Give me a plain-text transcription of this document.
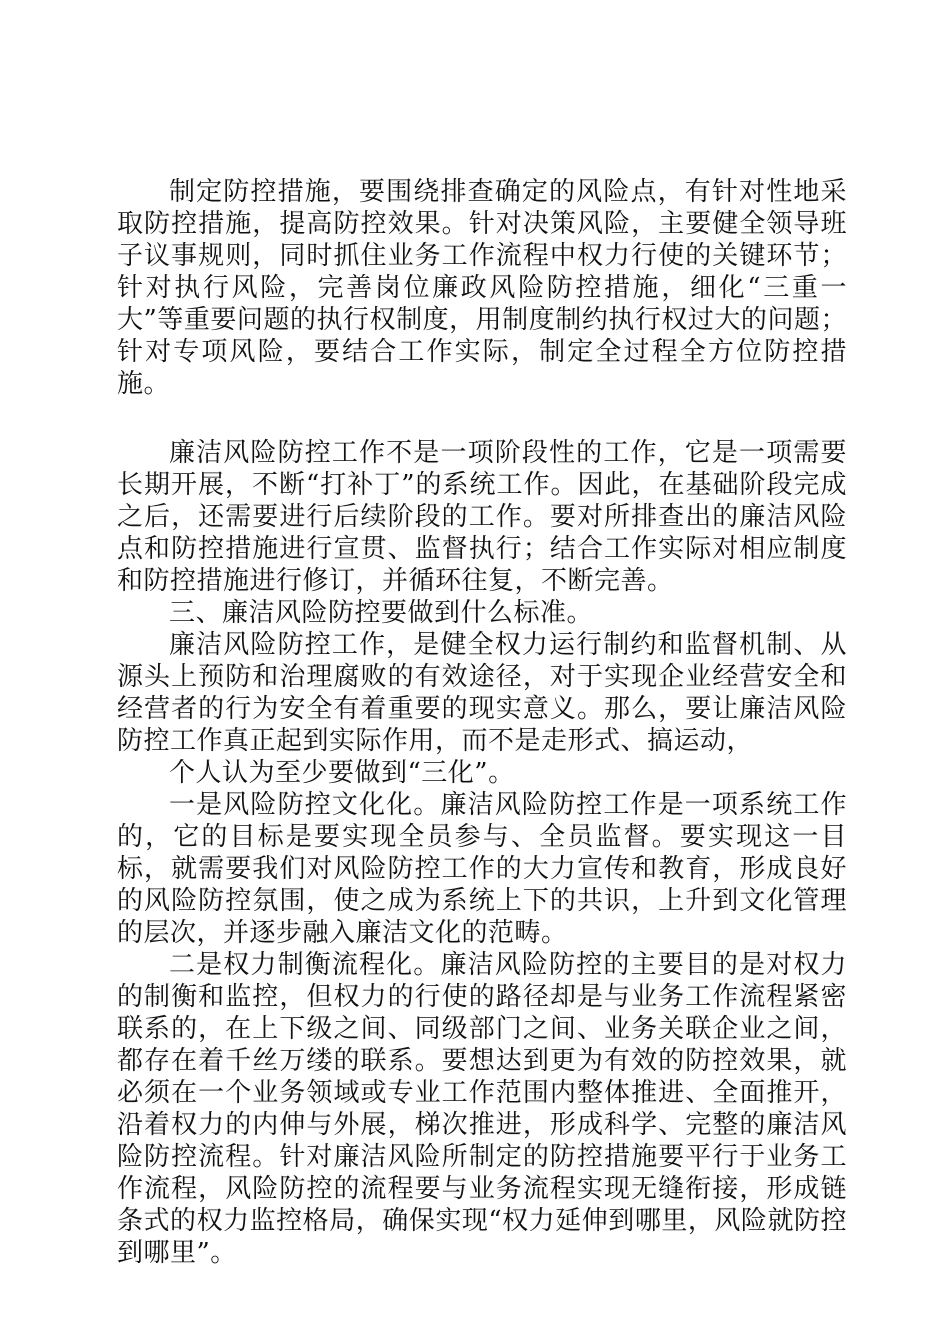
制定防控措施，要围绕排查确定的风险点，有针对性地采取防控措施，提高防控效果。针对决策风险，主要健全领导班子议事规则，同时抓住业务工作流程中权力行使的关键环节；针对执行风险，完善岗位廉政风险防控措施，细化“三重一大”等重要问题的执行权制度，用制度制约执行权过大的问题；针对专项风险，要结合工作实际，制定全过程全方位防控措施。

廉洁风险防控工作不是一项阶段性的工作，它是一项需要长期开展，不断“打补丁”的系统工作。因此，在基础阶段完成之后，还需要进行后续阶段的工作。要对所排查出的廉洁风险点和防控措施进行宣贯、监督执行；结合工作实际对相应制度和防控措施进行修订，并循环往复，不断完善。

三、廉洁风险防控要做到什么标准。

廉洁风险防控工作，是健全权力运行制约和监督机制、从源头上预防和治理腐败的有效途径，对于实现企业经营安全和经营者的行为安全有着重要的现实意义。那么，要让廉洁风险防控工作真正起到实际作用，而不是走形式、搞运动，

个人认为至少要做到“三化”。

一是风险防控文化化。廉洁风险防控工作是一项系统工作的，它的目标是要实现全员参与、全员监督。要实现这一目标，就需要我们对风险防控工作的大力宣传和教育，形成良好的风险防控氛围，使之成为系统上下的共识，上升到文化管理的层次，并逐步融入廉洁文化的范畴。

二是权力制衡流程化。廉洁风险防控的主要目的是对权力的制衡和监控，但权力的行使的路径却是与业务工作流程紧密联系的，在上下级之间、同级部门之间、业务关联企业之间，都存在着千丝万缕的联系。要想达到更为有效的防控效果，就必须在一个业务领域或专业工作范围内整体推进、全面推开，沿着权力的内伸与外展，梯次推进，形成科学、完整的廉洁风险防控流程。针对廉洁风险所制定的防控措施要平行于业务工作流程，风险防控的流程要与业务流程实现无缝衔接，形成链条式的权力监控格局，确保实现“权力延伸到哪里，风险就防控到哪里”。
